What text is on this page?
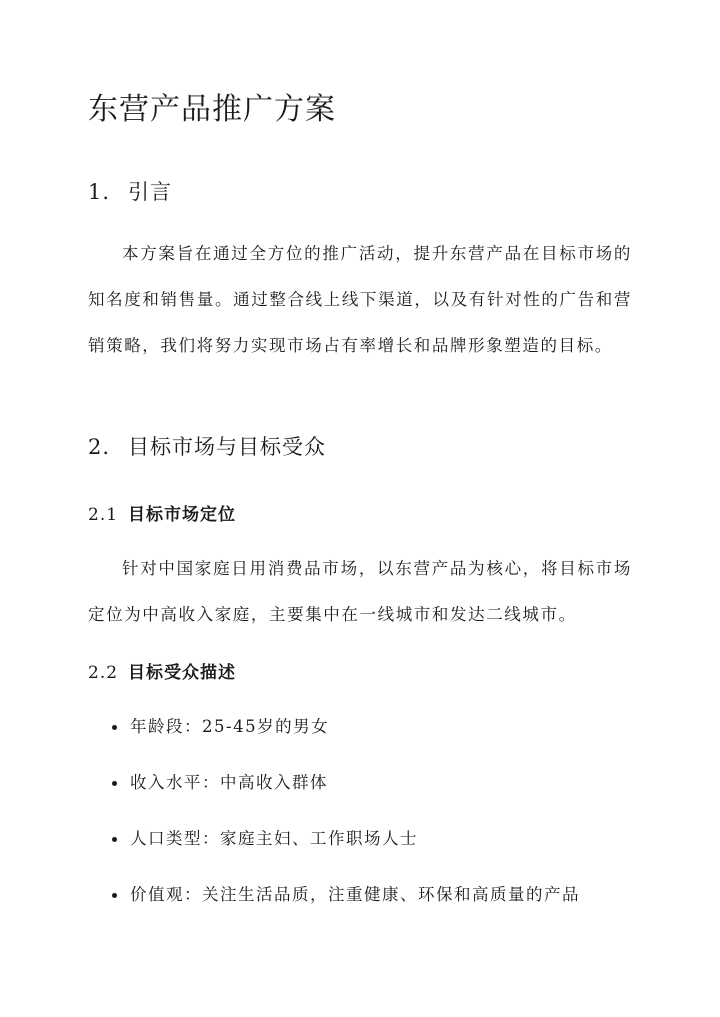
东营产品推广方案
1. 引言

本方案旨在通过全方位的推广活动，提升东营产品在目标市场的知名度和销售量。通过整合线上线下渠道，以及有针对性的广告和营销策略，我们将努力实现市场占有率增长和品牌形象塑造的目标。

2. 目标市场与目标受众
2.1 目标市场定位

针对中国家庭日用消费品市场，以东营产品为核心，将目标市场定位为中高收入家庭，主要集中在一线城市和发达二线城市。

2.2 目标受众描述
年龄段：25-45岁的男女
收入水平：中高收入群体
人口类型：家庭主妇、工作职场人士
价值观：关注生活品质，注重健康、环保和高质量的产品
